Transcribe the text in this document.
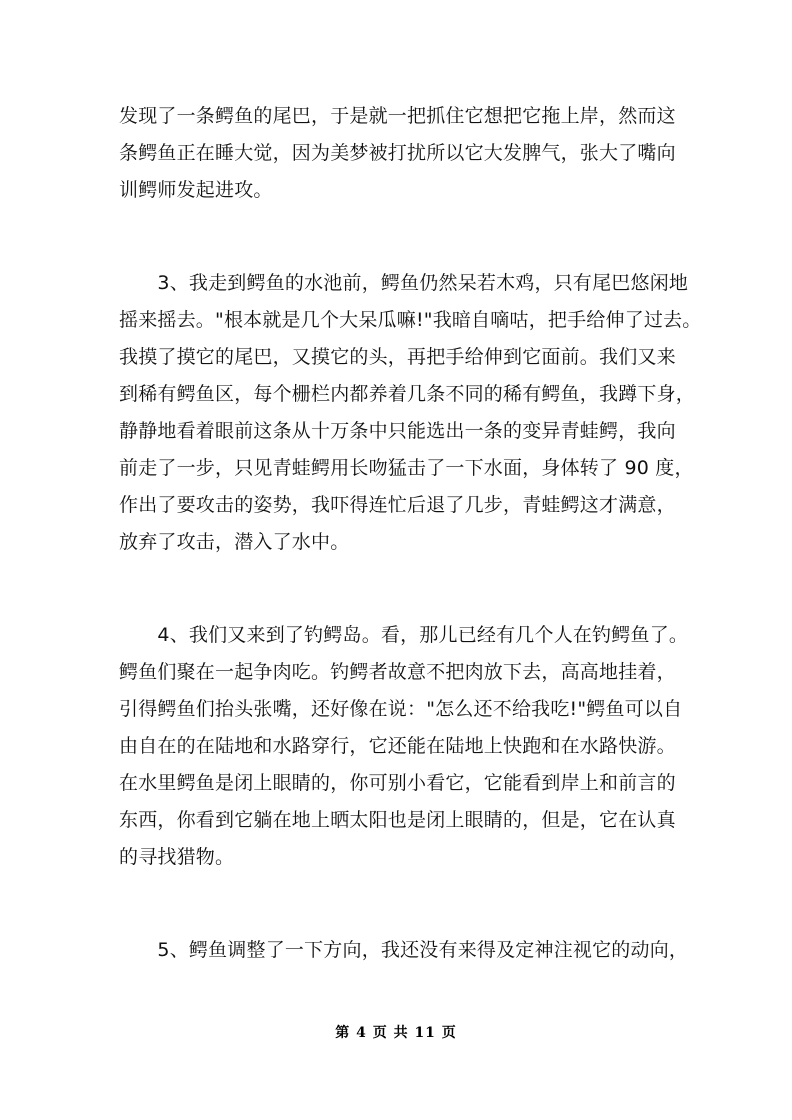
发现了一条鳄鱼的尾巴，于是就一把抓住它想把它拖上岸，然而这
条鳄鱼正在睡大觉，因为美梦被打扰所以它大发脾气，张大了嘴向
训鳄师发起进攻。
　　3、我走到鳄鱼的水池前，鳄鱼仍然呆若木鸡，只有尾巴悠闲地
摇来摇去。"根本就是几个大呆瓜嘛!"我暗自嘀咕，把手给伸了过去。
我摸了摸它的尾巴，又摸它的头，再把手给伸到它面前。我们又来
到稀有鳄鱼区，每个栅栏内都养着几条不同的稀有鳄鱼，我蹲下身，
静静地看着眼前这条从十万条中只能选出一条的变异青蛙鳄，我向
前走了一步，只见青蛙鳄用长吻猛击了一下水面，身体转了 90 度，
作出了要攻击的姿势，我吓得连忙后退了几步，青蛙鳄这才满意，
放弃了攻击，潜入了水中。
　　4、我们又来到了钓鳄岛。看，那儿已经有几个人在钓鳄鱼了。
鳄鱼们聚在一起争肉吃。钓鳄者故意不把肉放下去，高高地挂着，
引得鳄鱼们抬头张嘴，还好像在说："怎么还不给我吃!"鳄鱼可以自
由自在的在陆地和水路穿行，它还能在陆地上快跑和在水路快游。
在水里鳄鱼是闭上眼睛的，你可别小看它，它能看到岸上和前言的
东西，你看到它躺在地上晒太阳也是闭上眼睛的，但是，它在认真
的寻找猎物。
　　5、鳄鱼调整了一下方向，我还没有来得及定神注视它的动向，
第 4 页 共 11 页
